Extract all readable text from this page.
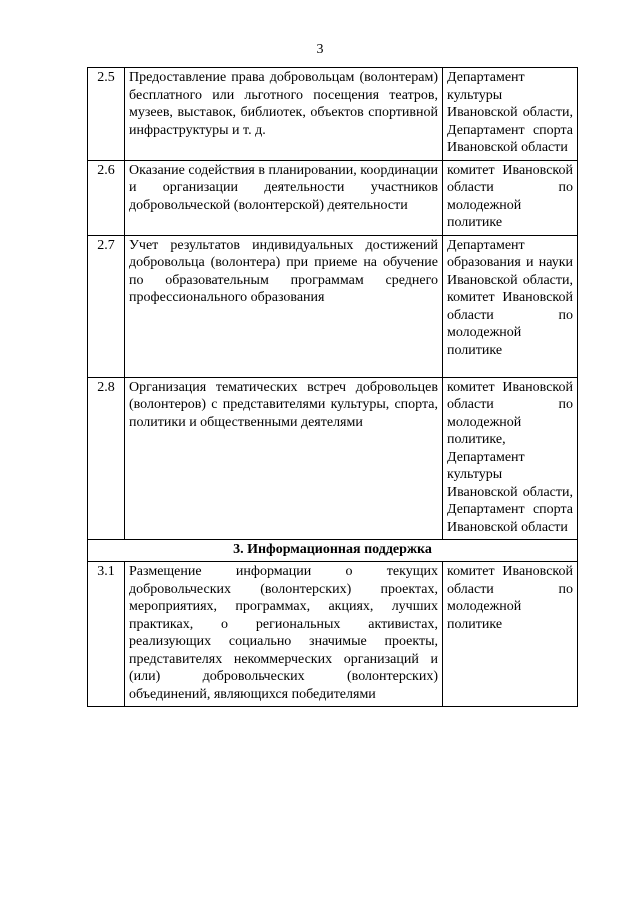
3
2.5	Предоставление права добровольцам (волонтерам) бесплатного или льготного посещения театров, музеев, выставок, библиотек, объектов спортивной инфраструктуры и т. д.	Департамент культуры Ивановской области, Департамент спорта Ивановской области
2.6	Оказание содействия в планировании, координации и организации деятельности участников добровольческой (волонтерской) деятельности	комитет Ивановской области по молодежной политике
2.7	Учет результатов индивидуальных достижений добровольца (волонтера) при приеме на обучение по образовательным программам среднего профессионального образования	Департамент образования и науки Ивановской области, комитет Ивановской области по молодежной политике
2.8	Организация тематических встреч добровольцев (волонтеров) с представителями культуры, спорта, политики и общественными деятелями	комитет Ивановской области по молодежной политике, Департамент культуры Ивановской области, Департамент спорта Ивановской области
3. Информационная поддержка		
3.1	Размещение информации о текущих добровольческих (волонтерских) проектах, мероприятиях, программах, акциях, лучших практиках, о региональных активистах, реализующих социально значимые проекты, представителях некоммерческих организаций и (или) добровольческих (волонтерских) объединений, являющихся победителями	комитет Ивановской области по молодежной политике
